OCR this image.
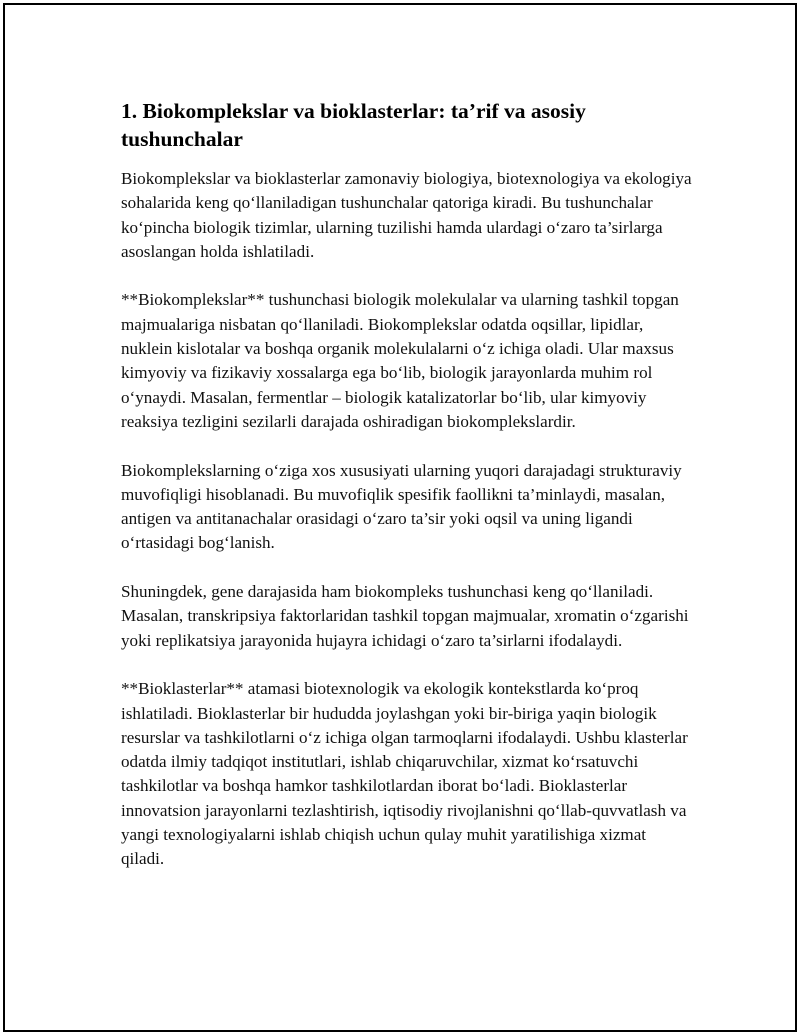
1. Biokomplekslar va bioklasterlar: ta’rif va asosiy tushunchalar

Biokomplekslar va bioklasterlar zamonaviy biologiya, biotexnologiya va ekologiya sohalarida keng qo‘llaniladigan tushunchalar qatoriga kiradi. Bu tushunchalar ko‘pincha biologik tizimlar, ularning tuzilishi hamda ulardagi o‘zaro ta’sirlarga asoslangan holda ishlatiladi.

**Biokomplekslar** tushunchasi biologik molekulalar va ularning tashkil topgan majmualariga nisbatan qo‘llaniladi. Biokomplekslar odatda oqsillar, lipidlar, nuklein kislotalar va boshqa organik molekulalarni o‘z ichiga oladi. Ular maxsus kimyoviy va fizikaviy xossalarga ega bo‘lib, biologik jarayonlarda muhim rol o‘ynaydi. Masalan, fermentlar – biologik katalizatorlar bo‘lib, ular kimyoviy reaksiya tezligini sezilarli darajada oshiradigan biokomplekslardir.

Biokomplekslarning o‘ziga xos xususiyati ularning yuqori darajadagi strukturaviy muvofiqligi hisoblanadi. Bu muvofiqlik spesifik faollikni ta’minlaydi, masalan, antigen va antitanachalar orasidagi o‘zaro ta’sir yoki oqsil va uning ligandi o‘rtasidagi bog‘lanish.

Shuningdek, gene darajasida ham biokompleks tushunchasi keng qo‘llaniladi. Masalan, transkripsiya faktorlaridan tashkil topgan majmualar, xromatin o‘zgarishi yoki replikatsiya jarayonida hujayra ichidagi o‘zaro ta’sirlarni ifodalaydi.

**Bioklasterlar** atamasi biotexnologik va ekologik kontekstlarda ko‘proq ishlatiladi. Bioklasterlar bir hududda joylashgan yoki bir-biriga yaqin biologik resurslar va tashkilotlarni o‘z ichiga olgan tarmoqlarni ifodalaydi. Ushbu klasterlar odatda ilmiy tadqiqot institutlari, ishlab chiqaruvchilar, xizmat ko‘rsatuvchi tashkilotlar va boshqa hamkor tashkilotlardan iborat bo‘ladi. Bioklasterlar innovatsion jarayonlarni tezlashtirish, iqtisodiy rivojlanishni qo‘llab-quvvatlash va yangi texnologiyalarni ishlab chiqish uchun qulay muhit yaratilishiga xizmat qiladi.
